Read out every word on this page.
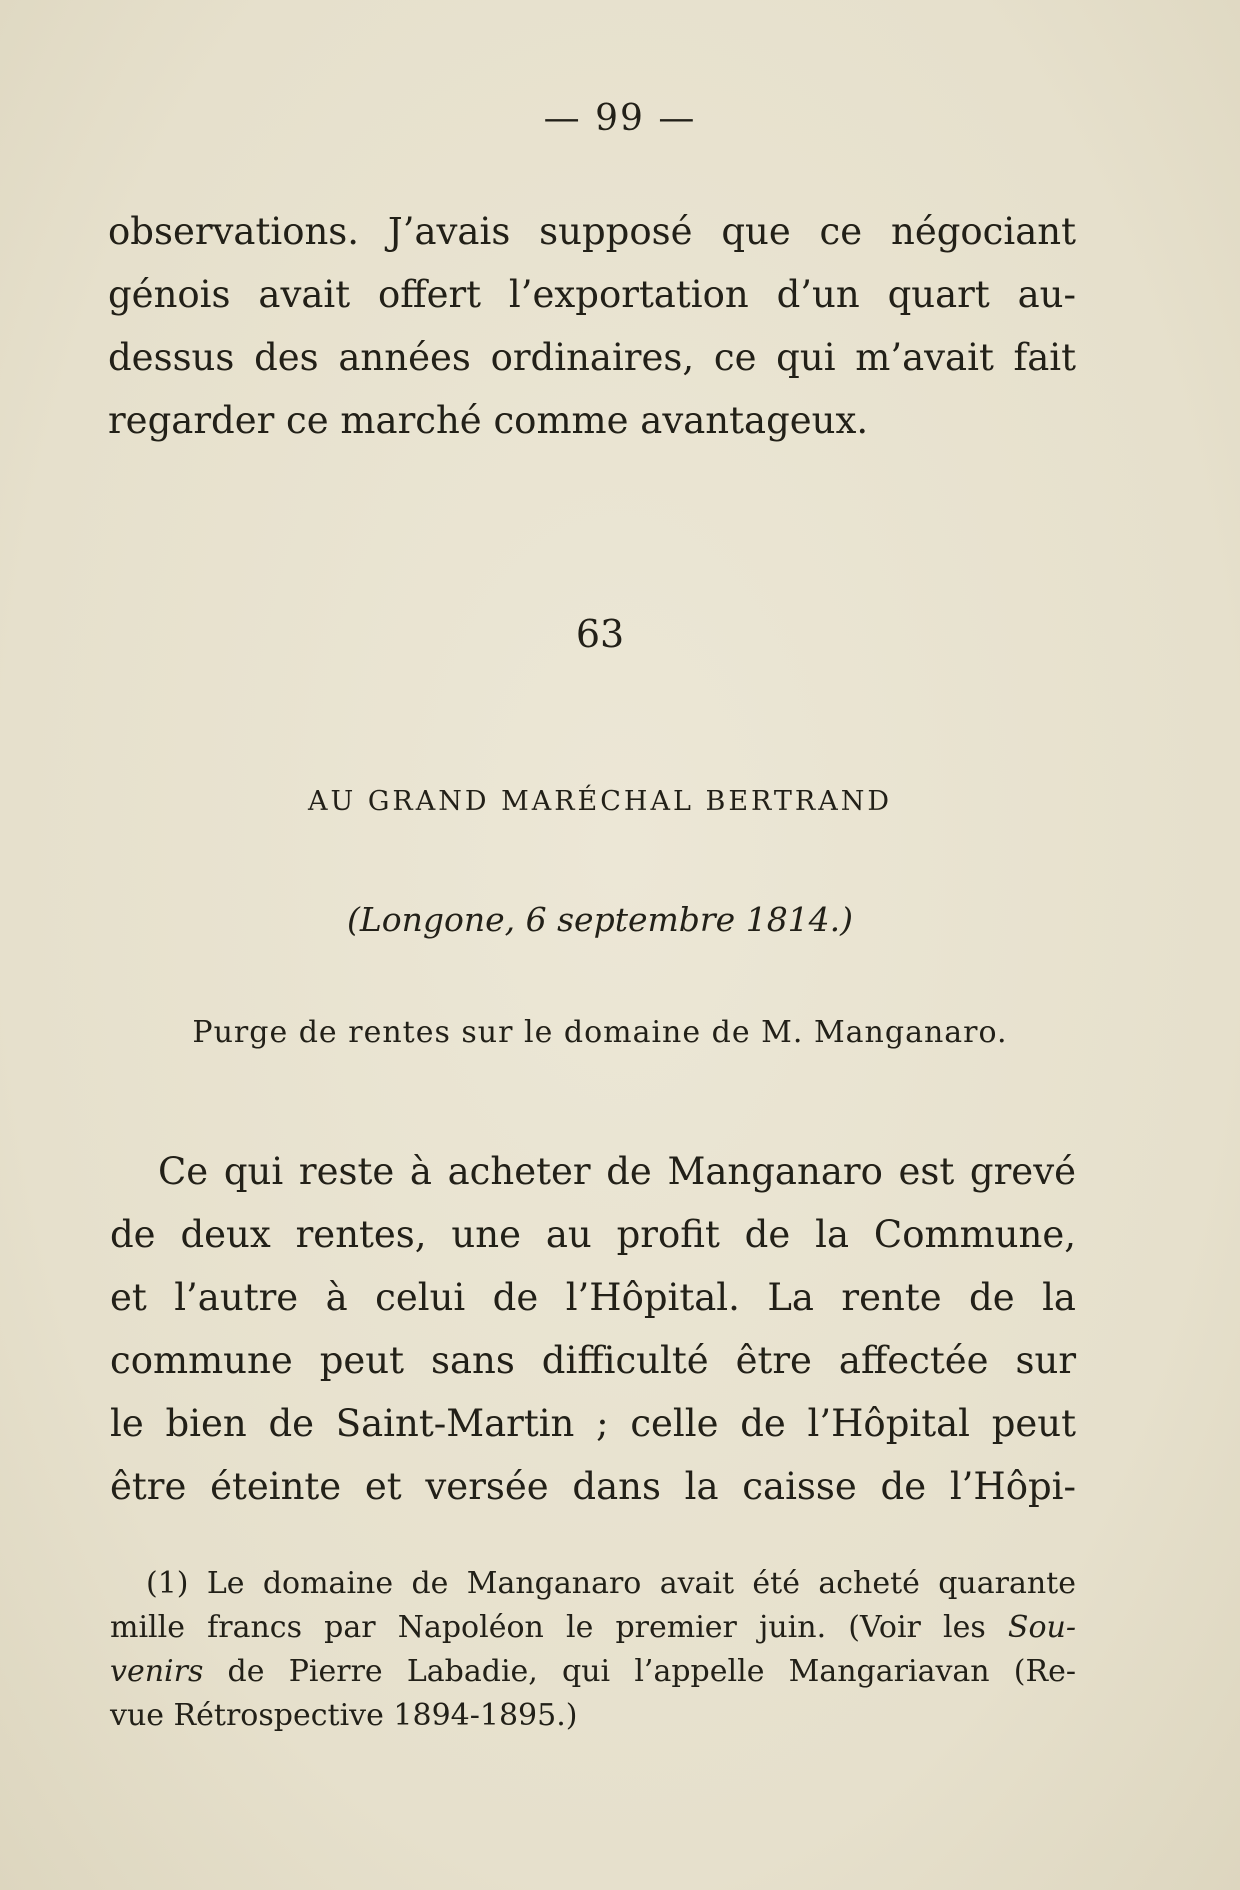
— 99 —

observations. J’avais supposé que ce négociant
génois avait offert l’exportation d’un quart au-
dessus des années ordinaires, ce qui m’avait fait
regarder ce marché comme avantageux.

63
AU GRAND MARÉCHAL BERTRAND
(Longone, 6 septembre 1814.)
Purge de rentes sur le domaine de M. Manganaro.

Ce qui reste à acheter de Manganaro est grevé
de deux rentes, une au profit de la Commune,
et l’autre à celui de l’Hôpital. La rente de la
commune peut sans difficulté être affectée sur
le bien de Saint-Martin ; celle de l’Hôpital peut
être éteinte et versée dans la caisse de l’Hôpi-

(1) Le domaine de Manganaro avait été acheté quarante
mille francs par Napoléon le premier juin. (Voir les Sou-
venirs de Pierre Labadie, qui l’appelle Mangariavan (Re-
vue Rétrospective 1894-1895.)
